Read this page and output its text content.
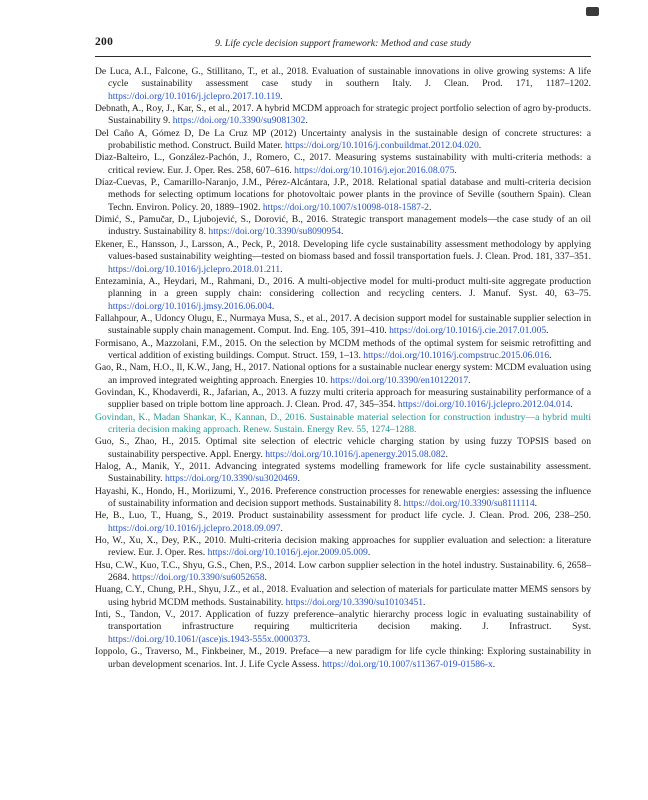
200	9. Life cycle decision support framework: Method and case study

De Luca, A.I., Falcone, G., Stillitano, T., et al., 2018. Evaluation of sustainable innovations in olive growing systems: A life cycle sustainability assessment case study in southern Italy. J. Clean. Prod. 171, 1187–1202. https://doi.org/10.1016/j.jclepro.2017.10.119.

Debnath, A., Roy, J., Kar, S., et al., 2017. A hybrid MCDM approach for strategic project portfolio selection of agro by-products. Sustainability 9. https://doi.org/10.3390/su9081302.

Del Caño A, Gómez D, De La Cruz MP (2012) Uncertainty analysis in the sustainable design of concrete structures: a probabilistic method. Construct. Build Mater. https://doi.org/10.1016/j.conbuildmat.2012.04.020.

Diaz-Balteiro, L., González-Pachón, J., Romero, C., 2017. Measuring systems sustainability with multi-criteria methods: a critical review. Eur. J. Oper. Res. 258, 607–616. https://doi.org/10.1016/j.ejor.2016.08.075.

Díaz-Cuevas, P., Camarillo-Naranjo, J.M., Pérez-Alcántara, J.P., 2018. Relational spatial database and multi-criteria decision methods for selecting optimum locations for photovoltaic power plants in the province of Seville (southern Spain). Clean Techn. Environ. Policy. 20, 1889–1902. https://doi.org/10.1007/s10098-018-1587-2.

Dimić, S., Pamučar, D., Ljubojević, S., Dorović, B., 2016. Strategic transport management models—the case study of an oil industry. Sustainability 8. https://doi.org/10.3390/su8090954.

Ekener, E., Hansson, J., Larsson, A., Peck, P., 2018. Developing life cycle sustainability assessment methodology by applying values-based sustainability weighting—tested on biomass based and fossil transportation fuels. J. Clean. Prod. 181, 337–351. https://doi.org/10.1016/j.jclepro.2018.01.211.

Entezaminia, A., Heydari, M., Rahmani, D., 2016. A multi-objective model for multi-product multi-site aggregate production planning in a green supply chain: considering collection and recycling centers. J. Manuf. Syst. 40, 63–75. https://doi.org/10.1016/j.jmsy.2016.06.004.

Fallahpour, A., Udoncy Olugu, E., Nurmaya Musa, S., et al., 2017. A decision support model for sustainable supplier selection in sustainable supply chain management. Comput. Ind. Eng. 105, 391–410. https://doi.org/10.1016/j.cie.2017.01.005.

Formisano, A., Mazzolani, F.M., 2015. On the selection by MCDM methods of the optimal system for seismic retrofitting and vertical addition of existing buildings. Comput. Struct. 159, 1–13. https://doi.org/10.1016/j.compstruc.2015.06.016.

Gao, R., Nam, H.O., Il, K.W., Jang, H., 2017. National options for a sustainable nuclear energy system: MCDM evaluation using an improved integrated weighting approach. Energies 10. https://doi.org/10.3390/en10122017.

Govindan, K., Khodaverdi, R., Jafarian, A., 2013. A fuzzy multi criteria approach for measuring sustainability performance of a supplier based on triple bottom line approach. J. Clean. Prod. 47, 345–354. https://doi.org/10.1016/j.jclepro.2012.04.014.

Govindan, K., Madan Shankar, K., Kannan, D., 2016. Sustainable material selection for construction industry—a hybrid multi criteria decision making approach. Renew. Sustain. Energy Rev. 55, 1274–1288.

Guo, S., Zhao, H., 2015. Optimal site selection of electric vehicle charging station by using fuzzy TOPSIS based on sustainability perspective. Appl. Energy. https://doi.org/10.1016/j.apenergy.2015.08.082.

Halog, A., Manik, Y., 2011. Advancing integrated systems modelling framework for life cycle sustainability assessment. Sustainability. https://doi.org/10.3390/su3020469.

Hayashi, K., Hondo, H., Moriizumi, Y., 2016. Preference construction processes for renewable energies: assessing the influence of sustainability information and decision support methods. Sustainability 8. https://doi.org/10.3390/su8111114.

He, B., Luo, T., Huang, S., 2019. Product sustainability assessment for product life cycle. J. Clean. Prod. 206, 238–250. https://doi.org/10.1016/j.jclepro.2018.09.097.

Ho, W., Xu, X., Dey, P.K., 2010. Multi-criteria decision making approaches for supplier evaluation and selection: a literature review. Eur. J. Oper. Res. https://doi.org/10.1016/j.ejor.2009.05.009.

Hsu, C.W., Kuo, T.C., Shyu, G.S., Chen, P.S., 2014. Low carbon supplier selection in the hotel industry. Sustainability. 6, 2658–2684. https://doi.org/10.3390/su6052658.

Huang, C.Y., Chung, P.H., Shyu, J.Z., et al., 2018. Evaluation and selection of materials for particulate matter MEMS sensors by using hybrid MCDM methods. Sustainability. https://doi.org/10.3390/su10103451.

Inti, S., Tandon, V., 2017. Application of fuzzy preference–analytic hierarchy process logic in evaluating sustainability of transportation infrastructure requiring multicriteria decision making. J. Infrastruct. Syst. https://doi.org/10.1061/(asce)is.1943-555x.0000373.

Ioppolo, G., Traverso, M., Finkbeiner, M., 2019. Preface—a new paradigm for life cycle thinking: Exploring sustainability in urban development scenarios. Int. J. Life Cycle Assess. https://doi.org/10.1007/s11367-019-01586-x.
